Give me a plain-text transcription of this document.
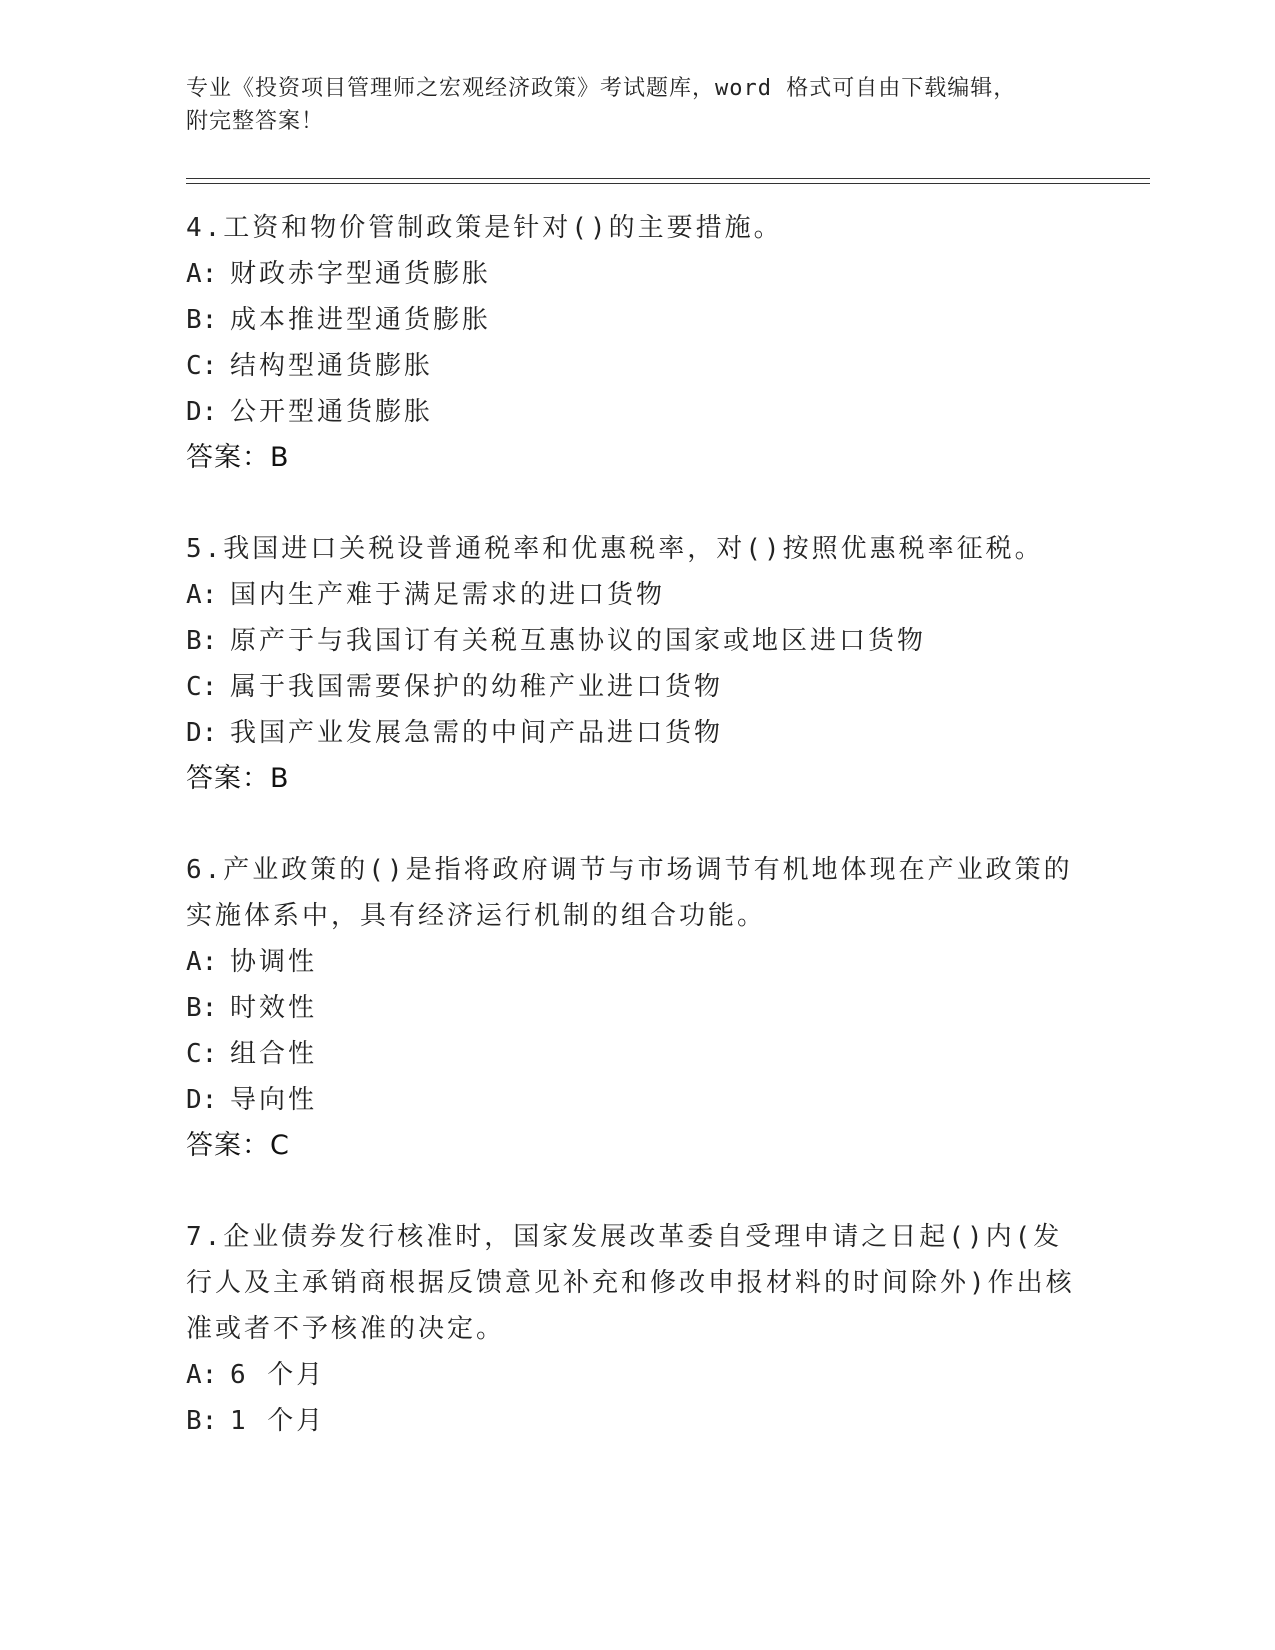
专业《投资项目管理师之宏观经济政策》考试题库，word 格式可自由下载编辑，
附完整答案！
4.工资和物价管制政策是针对()的主要措施。
A: 财政赤字型通货膨胀
B: 成本推进型通货膨胀
C: 结构型通货膨胀
D: 公开型通货膨胀
答案：B
5.我国进口关税设普通税率和优惠税率，对()按照优惠税率征税。
A: 国内生产难于满足需求的进口货物
B: 原产于与我国订有关税互惠协议的国家或地区进口货物
C: 属于我国需要保护的幼稚产业进口货物
D: 我国产业发展急需的中间产品进口货物
答案：B
6.产业政策的()是指将政府调节与市场调节有机地体现在产业政策的实施体系中，具有经济运行机制的组合功能。
A: 协调性
B: 时效性
C: 组合性
D: 导向性
答案：C
7.企业债券发行核准时，国家发展改革委自受理申请之日起()内(发行人及主承销商根据反馈意见补充和修改申报材料的时间除外)作出核准或者不予核准的决定。
A: 6 个月
B: 1 个月
